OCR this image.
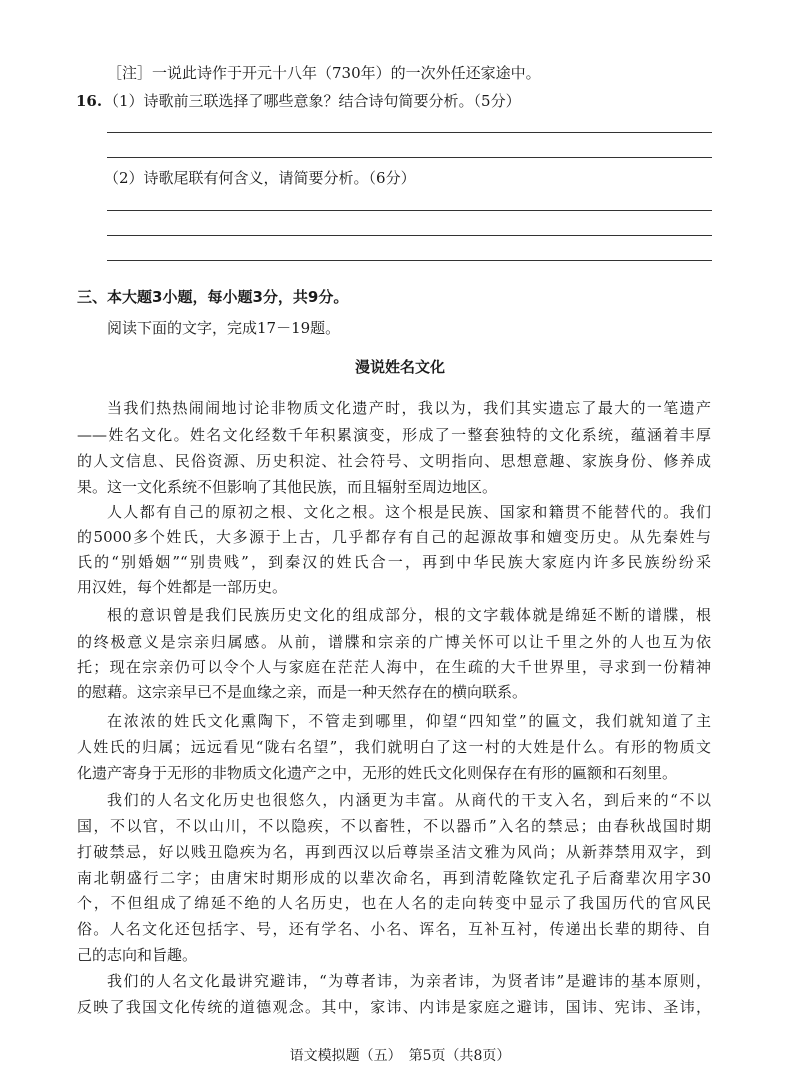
［注］一说此诗作于开元十八年（730年）的一次外任还家途中。
16. （1）诗歌前三联选择了哪些意象？结合诗句简要分析。（5分）
（2）诗歌尾联有何含义，请简要分析。（6分）
三、本大题3小题，每小题3分，共9分。
阅读下面的文字，完成17－19题。
漫说姓名文化
当我们热热闹闹地讨论非物质文化遗产时，我以为，我们其实遗忘了最大的一笔遗产
——姓名文化。姓名文化经数千年积累演变，形成了一整套独特的文化系统，蕴涵着丰厚
的人文信息、民俗资源、历史积淀、社会符号、文明指向、思想意趣、家族身份、修养成
果。这一文化系统不但影响了其他民族，而且辐射至周边地区。
人人都有自己的原初之根、文化之根。这个根是民族、国家和籍贯不能替代的。我们
的5000多个姓氏，大多源于上古，几乎都存有自己的起源故事和嬗变历史。从先秦姓与
氏的“别婚姻”“别贵贱”，到秦汉的姓氏合一，再到中华民族大家庭内许多民族纷纷采
用汉姓，每个姓都是一部历史。
根的意识曾是我们民族历史文化的组成部分，根的文字载体就是绵延不断的谱牒，根
的终极意义是宗亲归属感。从前，谱牒和宗亲的广博关怀可以让千里之外的人也互为依
托；现在宗亲仍可以令个人与家庭在茫茫人海中，在生疏的大千世界里，寻求到一份精神
的慰藉。这宗亲早已不是血缘之亲，而是一种天然存在的横向联系。
在浓浓的姓氏文化熏陶下，不管走到哪里，仰望“四知堂”的匾文，我们就知道了主
人姓氏的归属；远远看见“陇右名望”，我们就明白了这一村的大姓是什么。有形的物质文
化遗产寄身于无形的非物质文化遗产之中，无形的姓氏文化则保存在有形的匾额和石刻里。
我们的人名文化历史也很悠久，内涵更为丰富。从商代的干支入名，到后来的“不以
国，不以官，不以山川，不以隐疾，不以畜牲，不以器币”入名的禁忌；由春秋战国时期
打破禁忌，好以贱丑隐疾为名，再到西汉以后尊崇圣洁文雅为风尚；从新莽禁用双字，到
南北朝盛行二字；由唐宋时期形成的以辈次命名，再到清乾隆钦定孔子后裔辈次用字30
个，不但组成了绵延不绝的人名历史，也在人名的走向转变中显示了我国历代的官风民
俗。人名文化还包括字、号，还有学名、小名、诨名，互补互衬，传递出长辈的期待、自
己的志向和旨趣。
我们的人名文化最讲究避讳，“为尊者讳，为亲者讳，为贤者讳”是避讳的基本原则，
反映了我国文化传统的道德观念。其中，家讳、内讳是家庭之避讳，国讳、宪讳、圣讳，
语文模拟题（五）　第5页（共8页）
